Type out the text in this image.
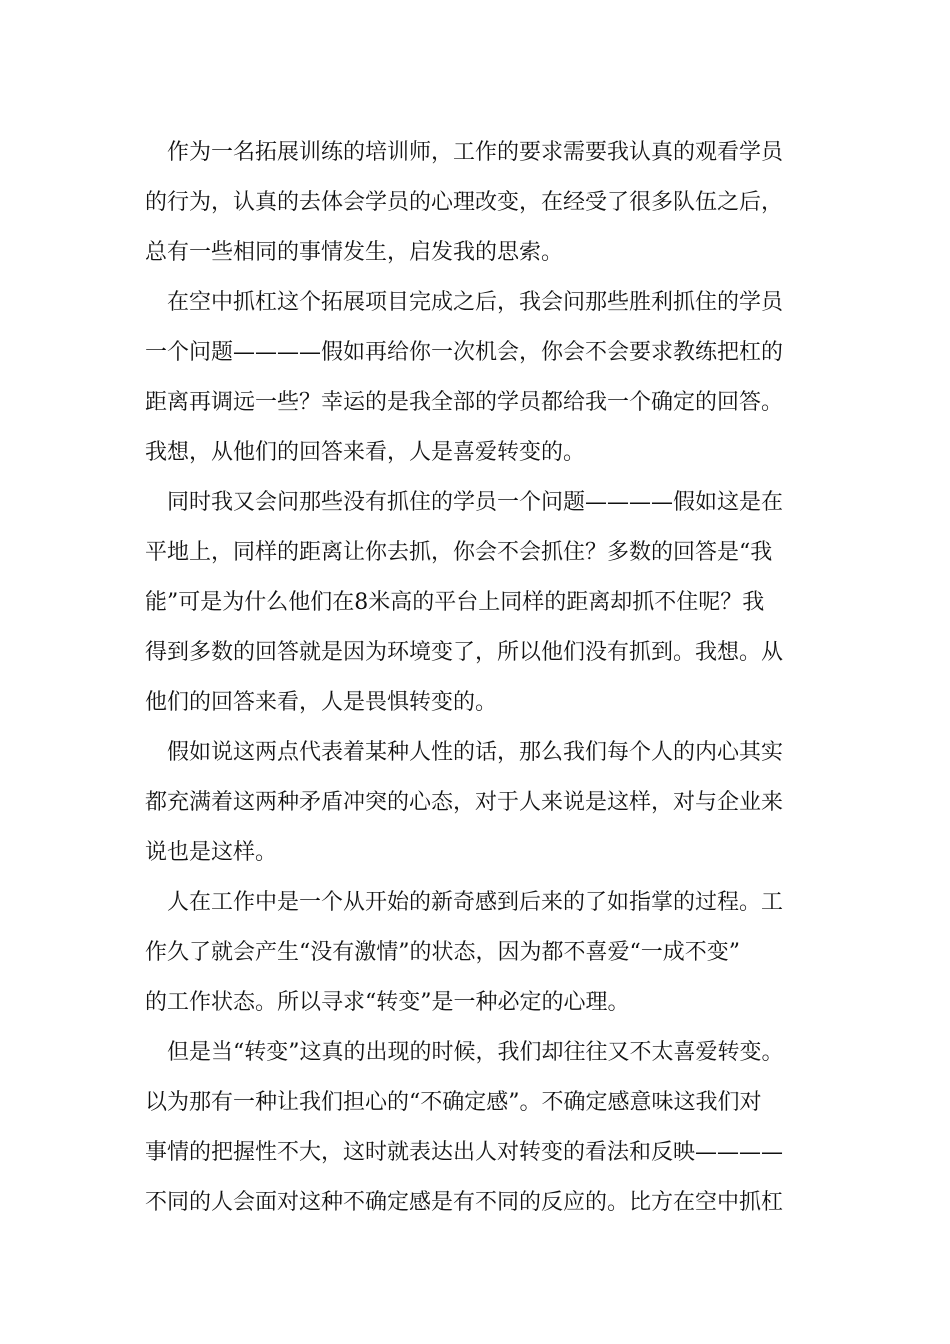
作为一名拓展训练的培训师，工作的要求需要我认真的观看学员
的行为，认真的去体会学员的心理改变，在经受了很多队伍之后，
总有一些相同的事情发生，启发我的思索。
在空中抓杠这个拓展项目完成之后，我会问那些胜利抓住的学员
一个问题————假如再给你一次机会，你会不会要求教练把杠的
距离再调远一些？幸运的是我全部的学员都给我一个确定的回答。
我想，从他们的回答来看，人是喜爱转变的。
同时我又会问那些没有抓住的学员一个问题————假如这是在
平地上，同样的距离让你去抓，你会不会抓住？多数的回答是“我
能”可是为什么他们在8米高的平台上同样的距离却抓不住呢？我
得到多数的回答就是因为环境变了，所以他们没有抓到。我想。从
他们的回答来看，人是畏惧转变的。
假如说这两点代表着某种人性的话，那么我们每个人的内心其实
都充满着这两种矛盾冲突的心态，对于人来说是这样，对与企业来
说也是这样。
人在工作中是一个从开始的新奇感到后来的了如指掌的过程。工
作久了就会产生“没有激情”的状态，因为都不喜爱“一成不变”
的工作状态。所以寻求“转变”是一种必定的心理。
但是当“转变”这真的出现的时候，我们却往往又不太喜爱转变。
以为那有一种让我们担心的“不确定感”。不确定感意味这我们对
事情的把握性不大，这时就表达出人对转变的看法和反映————
不同的人会面对这种不确定感是有不同的反应的。比方在空中抓杠
